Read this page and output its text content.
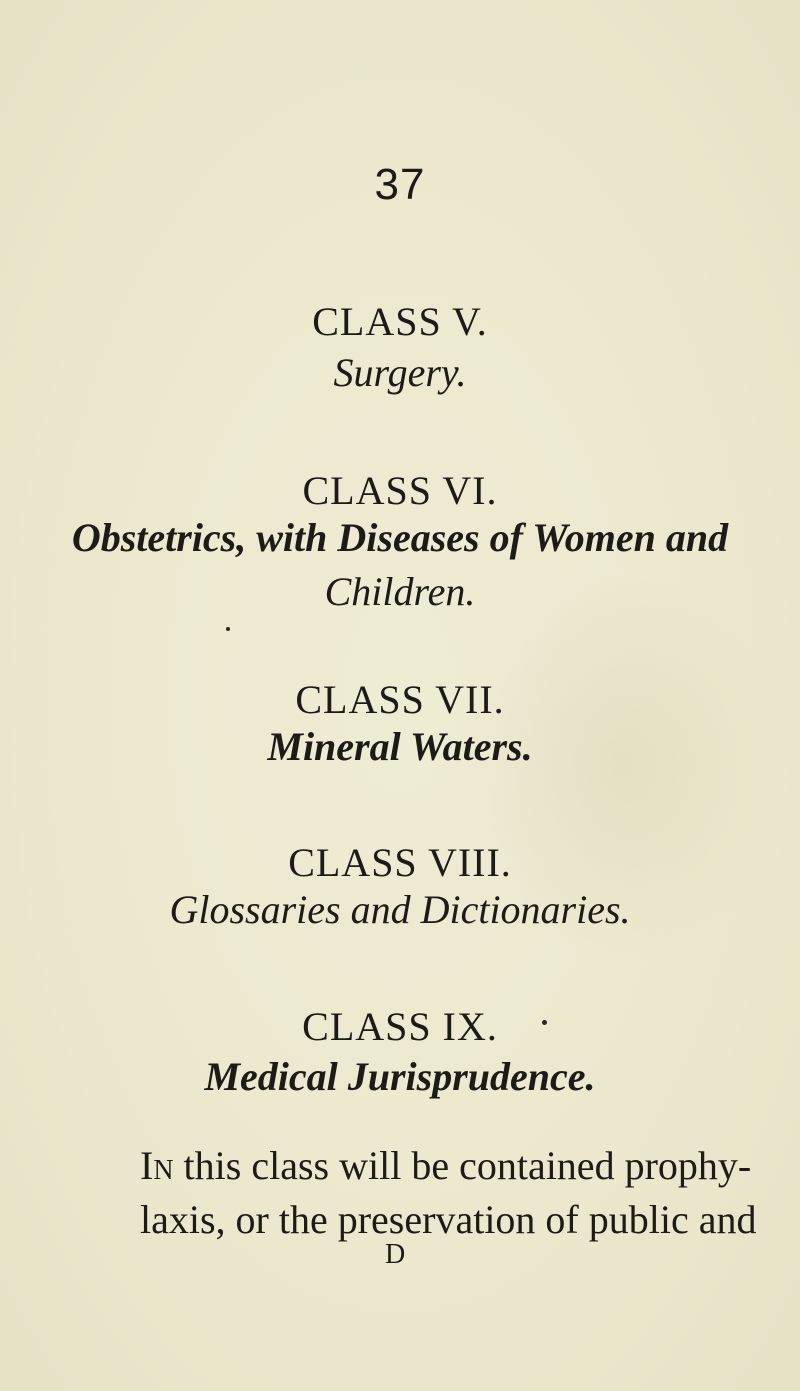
37
CLASS V.
Surgery.
CLASS VI.
Obstetrics, with Diseases of Women and
Children.
CLASS VII.
Mineral Waters.
CLASS VIII.
Glossaries and Dictionaries.
CLASS IX.
Medical Jurisprudence.
In this class will be contained prophy-
laxis, or the preservation of public and
D
